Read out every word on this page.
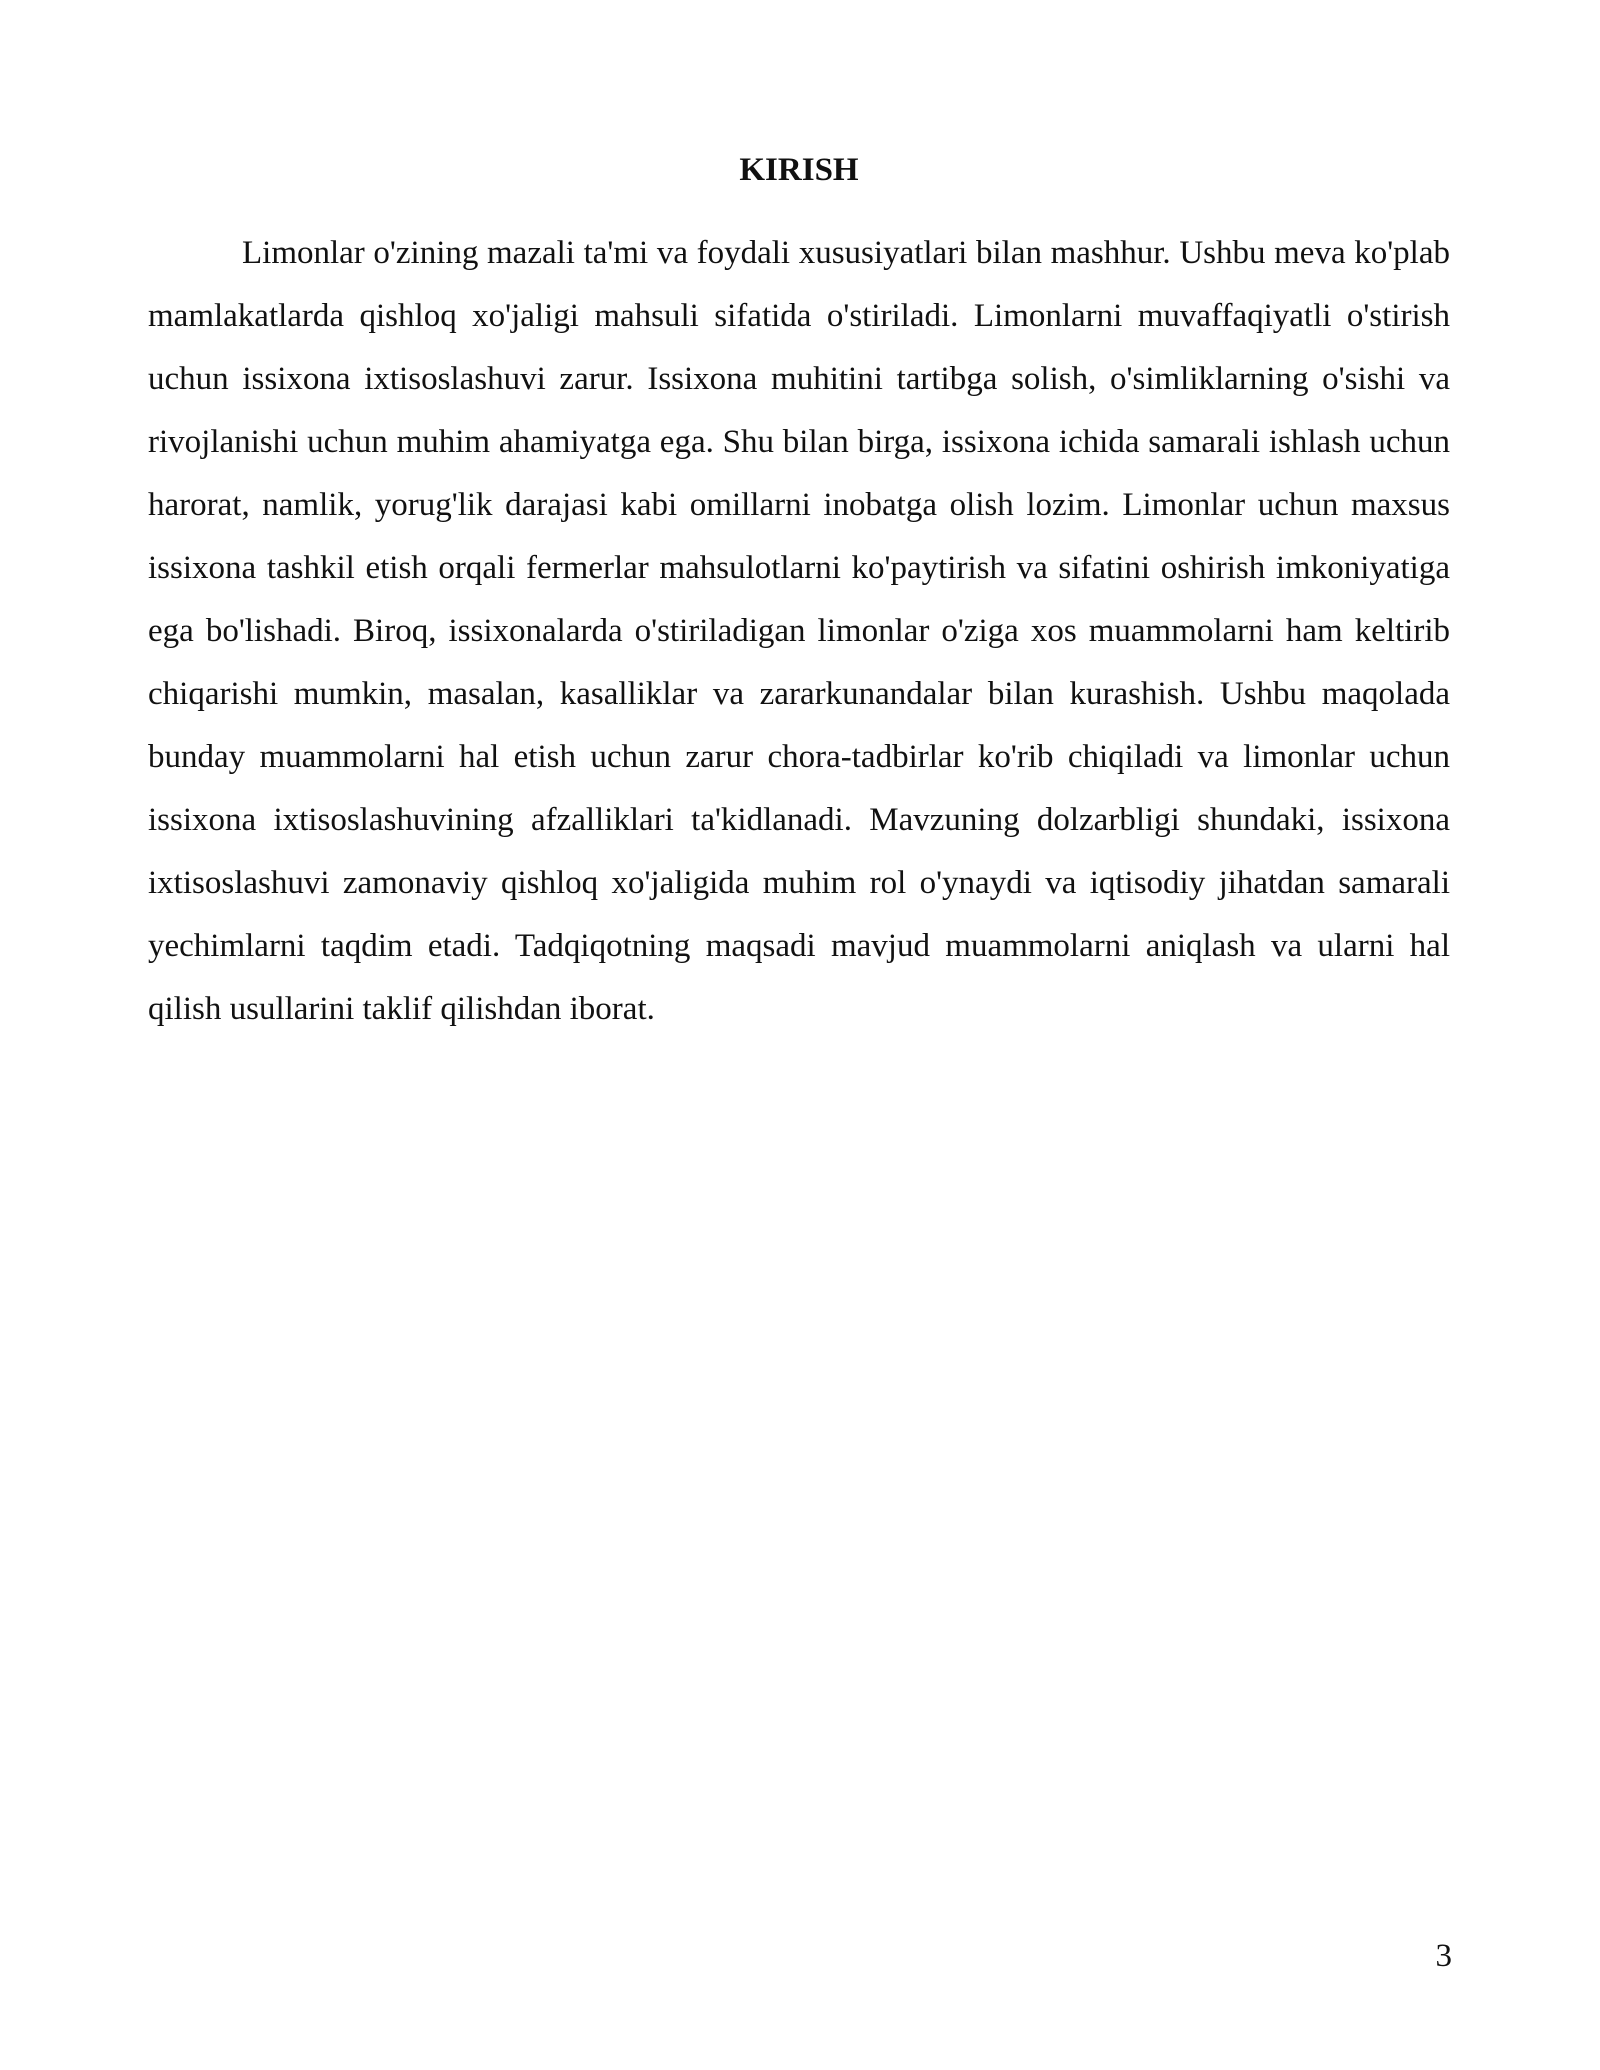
KIRISH

Limonlar o'zining mazali ta'mi va foydali xususiyatlari bilan mashhur. Ushbu meva ko'plab mamlakatlarda qishloq xo'jaligi mahsuli sifatida o'stiriladi. Limonlarni muvaffaqiyatli o'stirish uchun issixona ixtisoslashuvi zarur. Issixona muhitini tartibga solish, o'simliklarning o'sishi va rivojlanishi uchun muhim ahamiyatga ega. Shu bilan birga, issixona ichida samarali ishlash uchun harorat, namlik, yorug'lik darajasi kabi omillarni inobatga olish lozim. Limonlar uchun maxsus issixona tashkil etish orqali fermerlar mahsulotlarni ko'paytirish va sifatini oshirish imkoniyatiga ega bo'lishadi. Biroq, issixonalarda o'stiriladigan limonlar o'ziga xos muammolarni ham keltirib chiqarishi mumkin, masalan, kasalliklar va zararkunandalar bilan kurashish. Ushbu maqolada bunday muammolarni hal etish uchun zarur chora-tadbirlar ko'rib chiqiladi va limonlar uchun issixona ixtisoslashuvining afzalliklari ta'kidlanadi. Mavzuning dolzarbligi shundaki, issixona ixtisoslashuvi zamonaviy qishloq xo'jaligida muhim rol o'ynaydi va iqtisodiy jihatdan samarali yechimlarni taqdim etadi. Tadqiqotning maqsadi mavjud muammolarni aniqlash va ularni hal qilish usullarini taklif qilishdan iborat.

3
